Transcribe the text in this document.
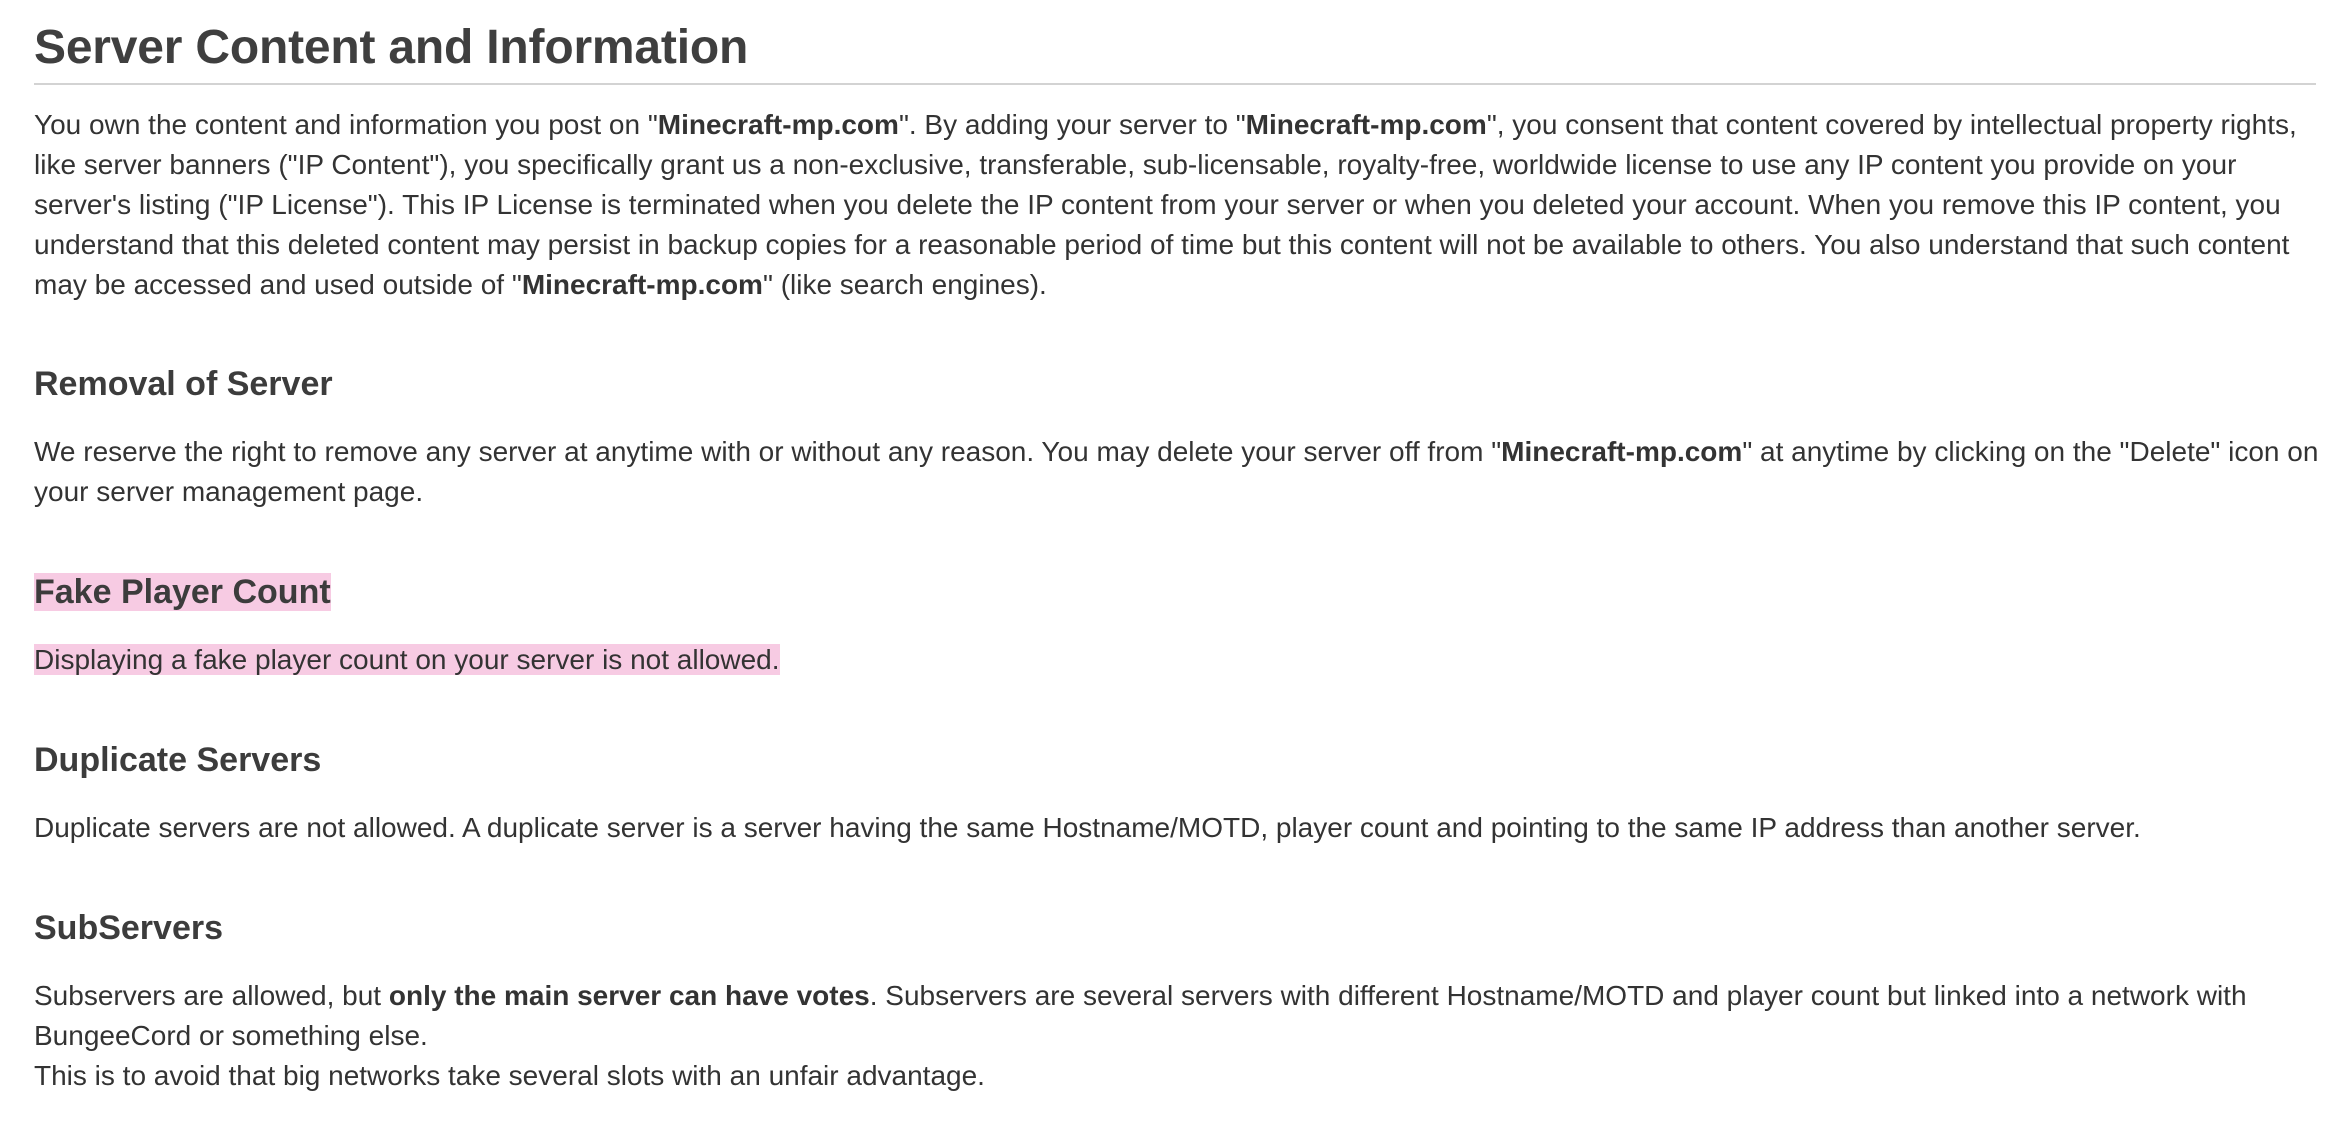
Server Content and Information

You own the content and information you post on "Minecraft-mp.com". By adding your server to "Minecraft-mp.com", you consent that content covered by intellectual property rights, like server banners ("IP Content"), you specifically grant us a non-exclusive, transferable, sub-licensable, royalty-free, worldwide license to use any IP content you provide on your server's listing ("IP License"). This IP License is terminated when you delete the IP content from your server or when you deleted your account. When you remove this IP content, you understand that this deleted content may persist in backup copies for a reasonable period of time but this content will not be available to others. You also understand that such content may be accessed and used outside of "Minecraft-mp.com" (like search engines).

Removal of Server

We reserve the right to remove any server at anytime with or without any reason. You may delete your server off from "Minecraft-mp.com" at anytime by clicking on the "Delete" icon on your server management page.

Fake Player Count

Displaying a fake player count on your server is not allowed.

Duplicate Servers

Duplicate servers are not allowed. A duplicate server is a server having the same Hostname/MOTD, player count and pointing to the same IP address than another server.

SubServers

Subservers are allowed, but only the main server can have votes. Subservers are several servers with different Hostname/MOTD and player count but linked into a network with BungeeCord or something else.
This is to avoid that big networks take several slots with an unfair advantage.
